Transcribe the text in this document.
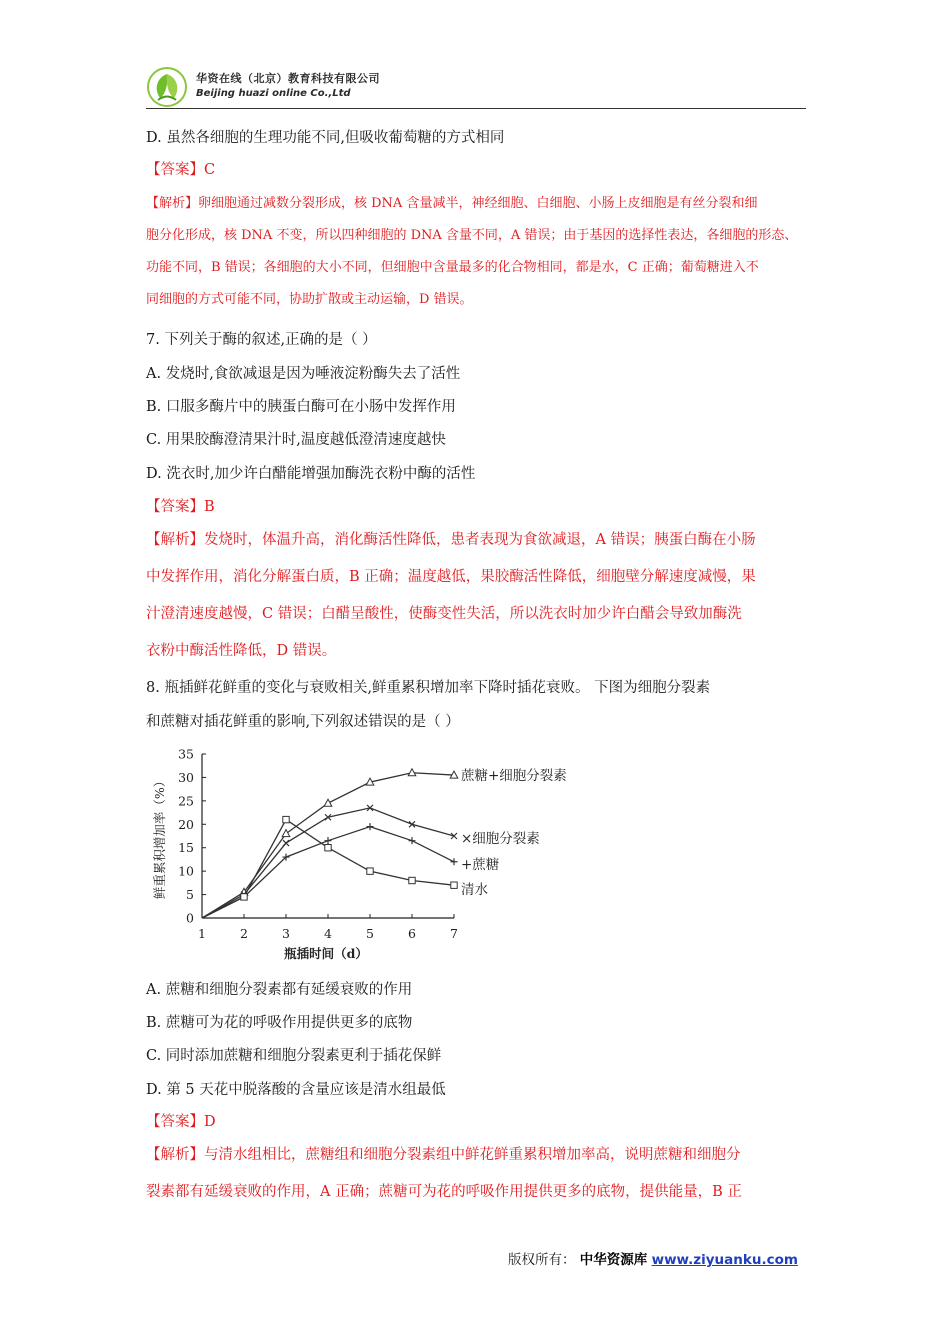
华资在线（北京）教育科技有限公司
Beijing huazi online Co.,Ltd
D. 虽然各细胞的生理功能不同,但吸收葡萄糖的方式相同
【答案】C
【解析】卵细胞通过减数分裂形成，核 DNA 含量减半，神经细胞、白细胞、小肠上皮细胞是有丝分裂和细
胞分化形成，核 DNA 不变，所以四种细胞的 DNA 含量不同，A 错误；由于基因的选择性表达，各细胞的形态、
功能不同，B 错误；各细胞的大小不同，但细胞中含量最多的化合物相同，都是水，C 正确；葡萄糖进入不
同细胞的方式可能不同，协助扩散或主动运输，D 错误。
7. 下列关于酶的叙述,正确的是（ ）
A. 发烧时,食欲减退是因为唾液淀粉酶失去了活性
B. 口服多酶片中的胰蛋白酶可在小肠中发挥作用
C. 用果胶酶澄清果汁时,温度越低澄清速度越快
D. 洗衣时,加少许白醋能增强加酶洗衣粉中酶的活性
【答案】B
【解析】发烧时，体温升高，消化酶活性降低，患者表现为食欲减退，A 错误；胰蛋白酶在小肠
中发挥作用，消化分解蛋白质，B 正确；温度越低，果胶酶活性降低，细胞壁分解速度减慢，果
汁澄清速度越慢，C 错误；白醋呈酸性，使酶变性失活，所以洗衣时加少许白醋会导致加酶洗
衣粉中酶活性降低，D 错误。
8. 瓶插鲜花鲜重的变化与衰败相关,鲜重累积增加率下降时插花衰败。 下图为细胞分裂素
和蔗糖对插花鲜重的影响,下列叙述错误的是（ ）
鲜重累积增加率（%）
瓶插时间（d）
0
5
10
15
20
25
30
35
1	2	3	4	5	6	7
蔗糖+细胞分裂素
×细胞分裂素
+蔗糖
清水
A. 蔗糖和细胞分裂素都有延缓衰败的作用
B. 蔗糖可为花的呼吸作用提供更多的底物
C. 同时添加蔗糖和细胞分裂素更利于插花保鲜
D. 第 5 天花中脱落酸的含量应该是清水组最低
【答案】D
【解析】与清水组相比，蔗糖组和细胞分裂素组中鲜花鲜重累积增加率高，说明蔗糖和细胞分
裂素都有延缓衰败的作用，A 正确；蔗糖可为花的呼吸作用提供更多的底物，提供能量，B 正
版权所有： 中华资源库 www.ziyuanku.com
